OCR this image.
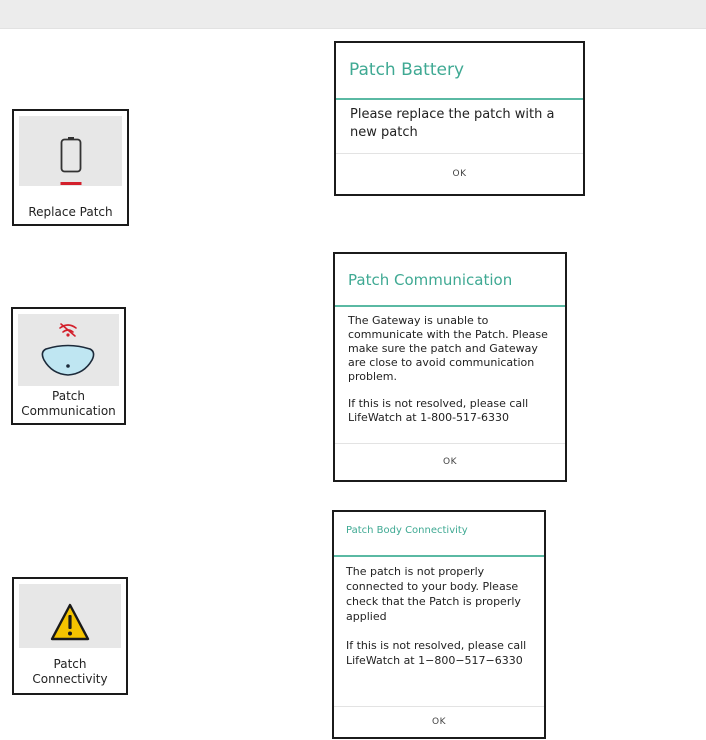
Replace Patch
Patch
Communication
Patch
Connectivity
Patch Battery

Please replace the patch with a new patch

OK
Patch Communication

The Gateway is unable to communicate with the Patch. Please make sure the patch and Gateway are close to avoid communication problem.

If this is not resolved, please call LifeWatch at 1-800-517-6330

OK
Patch Body Connectivity

The patch is not properly connected to your body. Please check that the Patch is properly applied

If this is not resolved, please call LifeWatch at 1−800−517−6330

OK
